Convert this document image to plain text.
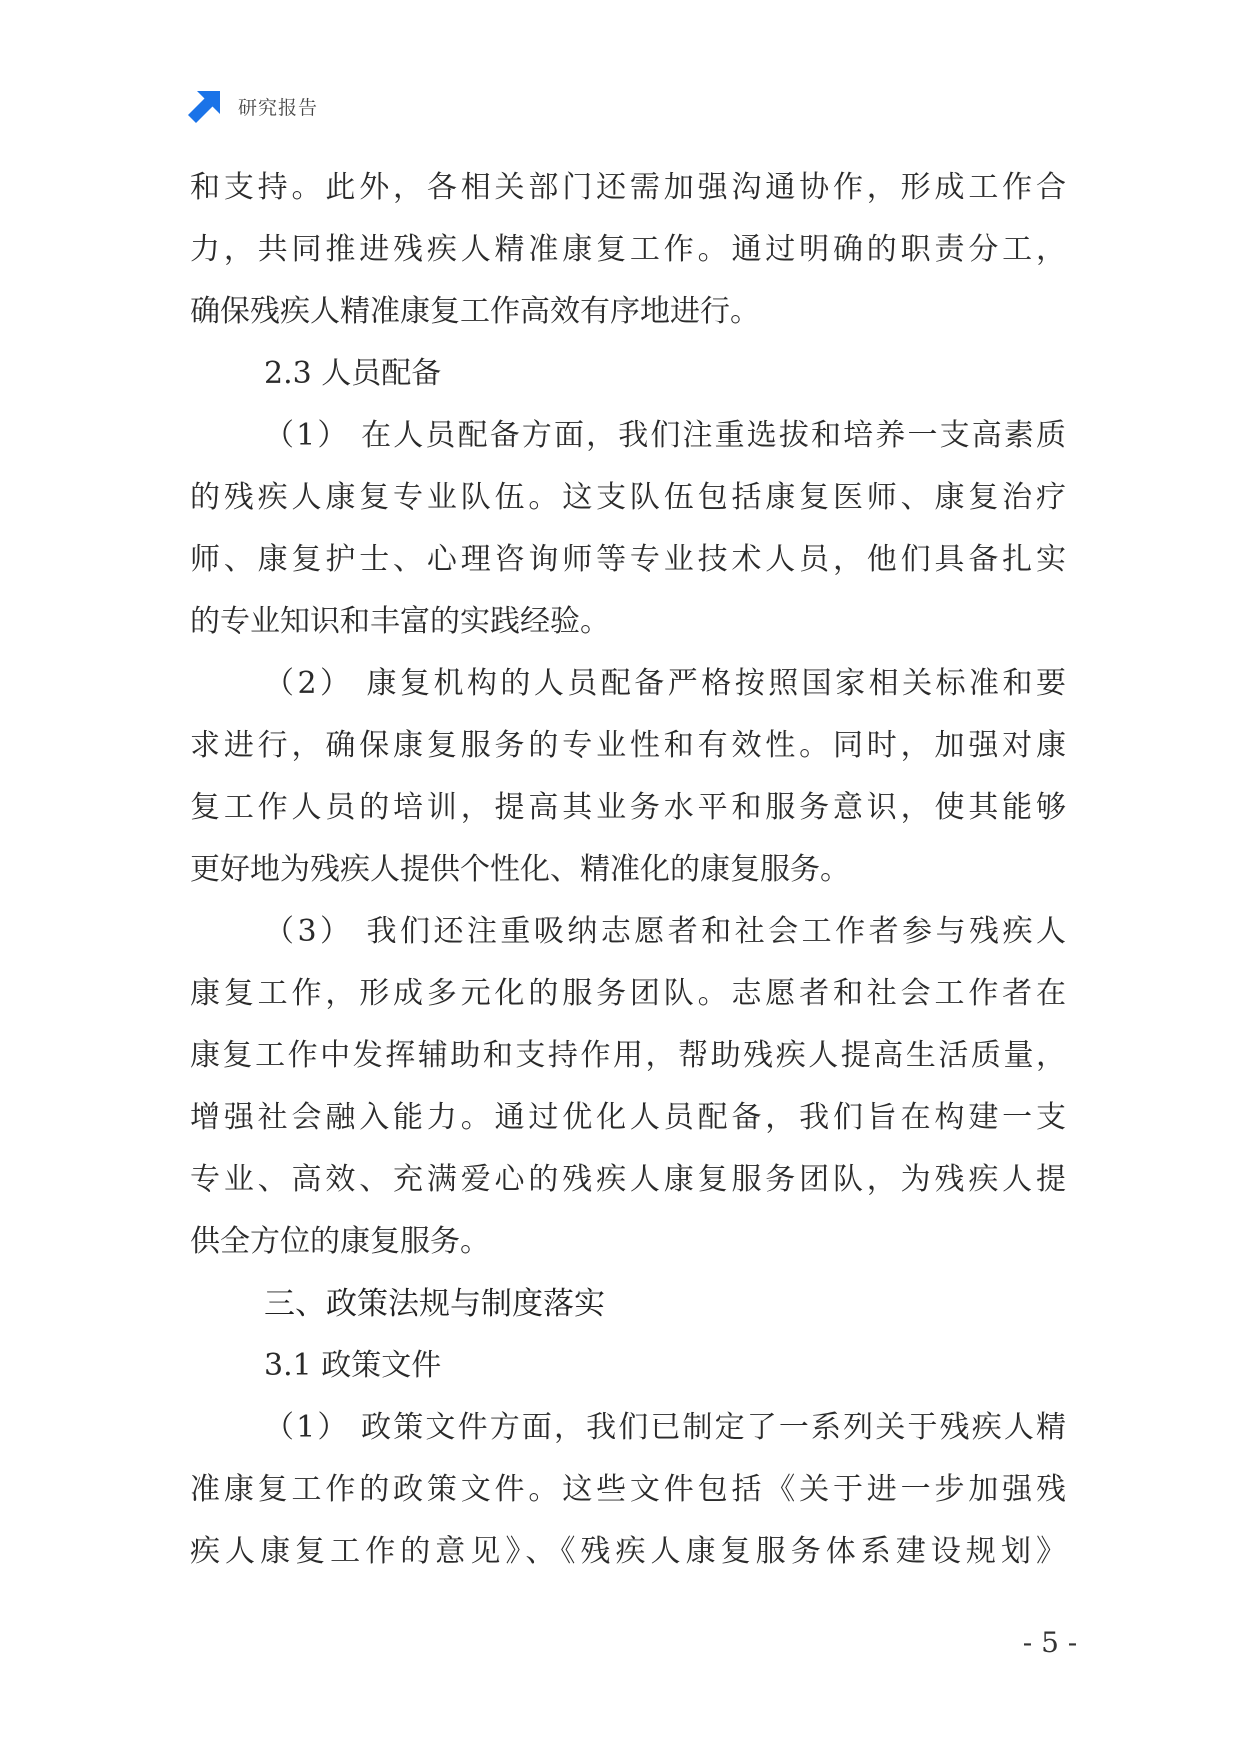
研究报告
和支持。此外，各相关部门还需加强沟通协作，形成工作合
力，共同推进残疾人精准康复工作。通过明确的职责分工，
确保残疾人精准康复工作高效有序地进行。
2.3 人员配备
（1） 在人员配备方面，我们注重选拔和培养一支高素质
的残疾人康复专业队伍。这支队伍包括康复医师、康复治疗
师、康复护士、心理咨询师等专业技术人员，他们具备扎实
的专业知识和丰富的实践经验。
（2） 康复机构的人员配备严格按照国家相关标准和要
求进行，确保康复服务的专业性和有效性。同时，加强对康
复工作人员的培训，提高其业务水平和服务意识，使其能够
更好地为残疾人提供个性化、精准化的康复服务。
（3） 我们还注重吸纳志愿者和社会工作者参与残疾人
康复工作，形成多元化的服务团队。志愿者和社会工作者在
康复工作中发挥辅助和支持作用，帮助残疾人提高生活质量，
增强社会融入能力。通过优化人员配备，我们旨在构建一支
专业、高效、充满爱心的残疾人康复服务团队，为残疾人提
供全方位的康复服务。
三、政策法规与制度落实
3.1 政策文件
（1） 政策文件方面，我们已制定了一系列关于残疾人精
准康复工作的政策文件。这些文件包括《关于进一步加强残
疾人康复工作的意见》、《残疾人康复服务体系建设规划》
- 5 -
